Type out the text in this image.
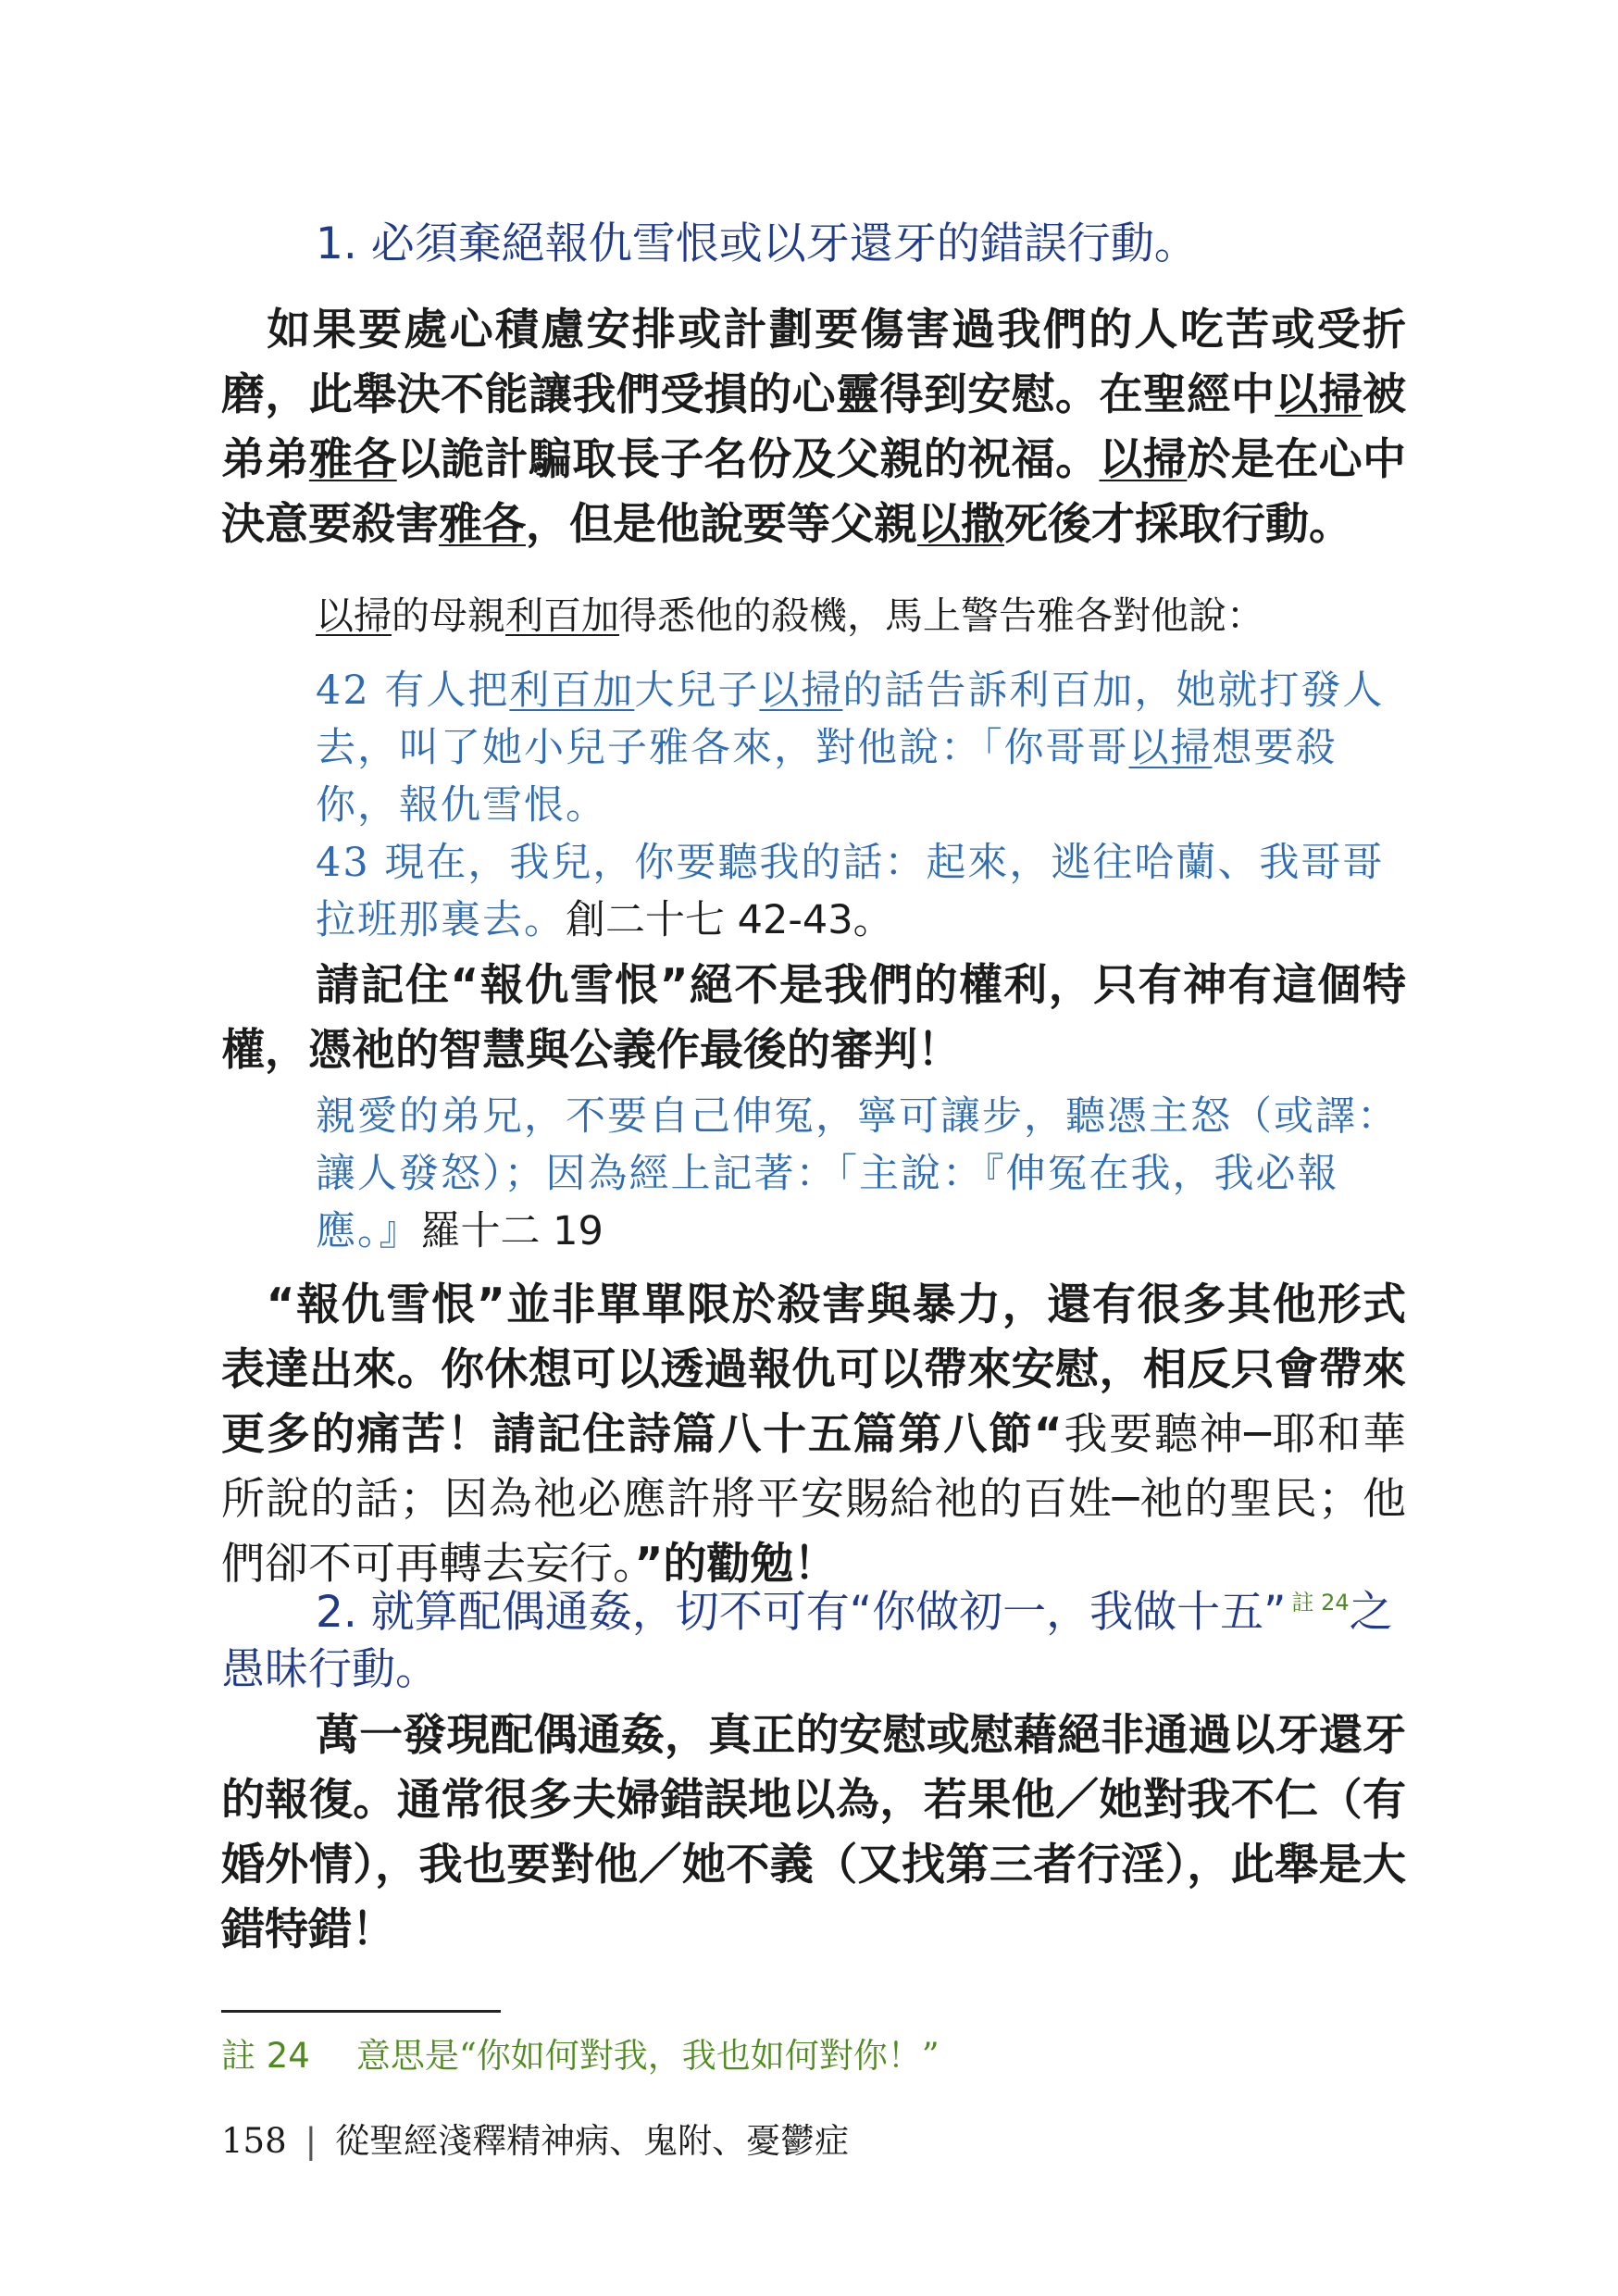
1. 必須棄絕報仇雪恨或以牙還牙的錯誤行動。

　如果要處心積慮安排或計劃要傷害過我們的人吃苦或受折磨，此舉決不能讓我們受損的心靈得到安慰。在聖經中以掃被弟弟雅各以詭計騙取長子名份及父親的祝福。以掃於是在心中決意要殺害雅各，但是他說要等父親以撒死後才採取行動。

以掃的母親利百加得悉他的殺機，馬上警告雅各對他說：

42 有人把利百加大兒子以掃的話告訴利百加，她就打發人去，叫了她小兒子雅各來，對他說：「你哥哥以掃想要殺你，報仇雪恨。
43 現在，我兒，你要聽我的話：起來，逃往哈蘭、我哥哥拉班那裏去。創二十七 42-43。

請記住“報仇雪恨”絕不是我們的權利，只有神有這個特權，憑祂的智慧與公義作最後的審判！

親愛的弟兄，不要自己伸冤，寧可讓步，聽憑主怒（或譯：讓人發怒）；因為經上記著：「主說：『伸冤在我，我必報應。』羅十二 19

　“報仇雪恨”並非單單限於殺害與暴力，還有很多其他形式表達出來。你休想可以透過報仇可以帶來安慰，相反只會帶來更多的痛苦！請記住詩篇八十五篇第八節“我要聽神─耶和華所說的話；因為祂必應許將平安賜給祂的百姓─祂的聖民；他們卻不可再轉去妄行。”的勸勉！

2. 就算配偶通姦，切不可有“你做初一，我做十五” $^{註 24}$之愚昧行動。

萬一發現配偶通姦，真正的安慰或慰藉絕非通過以牙還牙的報復。通常很多夫婦錯誤地以為，若果他／她對我不仁（有婚外情），我也要對他／她不義（又找第三者行淫），此舉是大錯特錯！

註 24 意思是“你如何對我，我也如何對你！”

158 | 從聖經淺釋精神病、鬼附、憂鬱症
